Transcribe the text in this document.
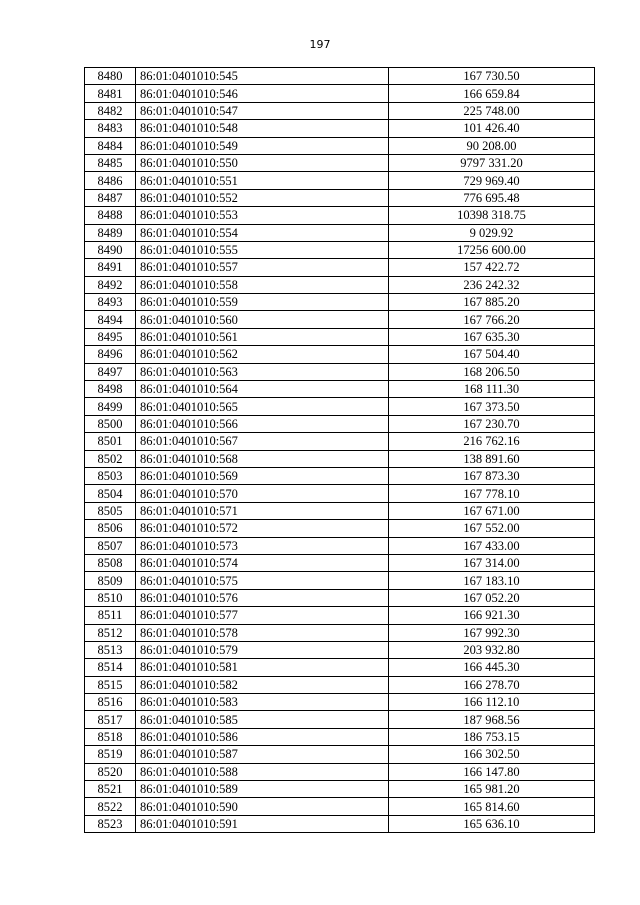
197
8480	86:01:0401010:545	167 730.50
8481	86:01:0401010:546	166 659.84
8482	86:01:0401010:547	225 748.00
8483	86:01:0401010:548	101 426.40
8484	86:01:0401010:549	90 208.00
8485	86:01:0401010:550	9797 331.20
8486	86:01:0401010:551	729 969.40
8487	86:01:0401010:552	776 695.48
8488	86:01:0401010:553	10398 318.75
8489	86:01:0401010:554	9 029.92
8490	86:01:0401010:555	17256 600.00
8491	86:01:0401010:557	157 422.72
8492	86:01:0401010:558	236 242.32
8493	86:01:0401010:559	167 885.20
8494	86:01:0401010:560	167 766.20
8495	86:01:0401010:561	167 635.30
8496	86:01:0401010:562	167 504.40
8497	86:01:0401010:563	168 206.50
8498	86:01:0401010:564	168 111.30
8499	86:01:0401010:565	167 373.50
8500	86:01:0401010:566	167 230.70
8501	86:01:0401010:567	216 762.16
8502	86:01:0401010:568	138 891.60
8503	86:01:0401010:569	167 873.30
8504	86:01:0401010:570	167 778.10
8505	86:01:0401010:571	167 671.00
8506	86:01:0401010:572	167 552.00
8507	86:01:0401010:573	167 433.00
8508	86:01:0401010:574	167 314.00
8509	86:01:0401010:575	167 183.10
8510	86:01:0401010:576	167 052.20
8511	86:01:0401010:577	166 921.30
8512	86:01:0401010:578	167 992.30
8513	86:01:0401010:579	203 932.80
8514	86:01:0401010:581	166 445.30
8515	86:01:0401010:582	166 278.70
8516	86:01:0401010:583	166 112.10
8517	86:01:0401010:585	187 968.56
8518	86:01:0401010:586	186 753.15
8519	86:01:0401010:587	166 302.50
8520	86:01:0401010:588	166 147.80
8521	86:01:0401010:589	165 981.20
8522	86:01:0401010:590	165 814.60
8523	86:01:0401010:591	165 636.10
